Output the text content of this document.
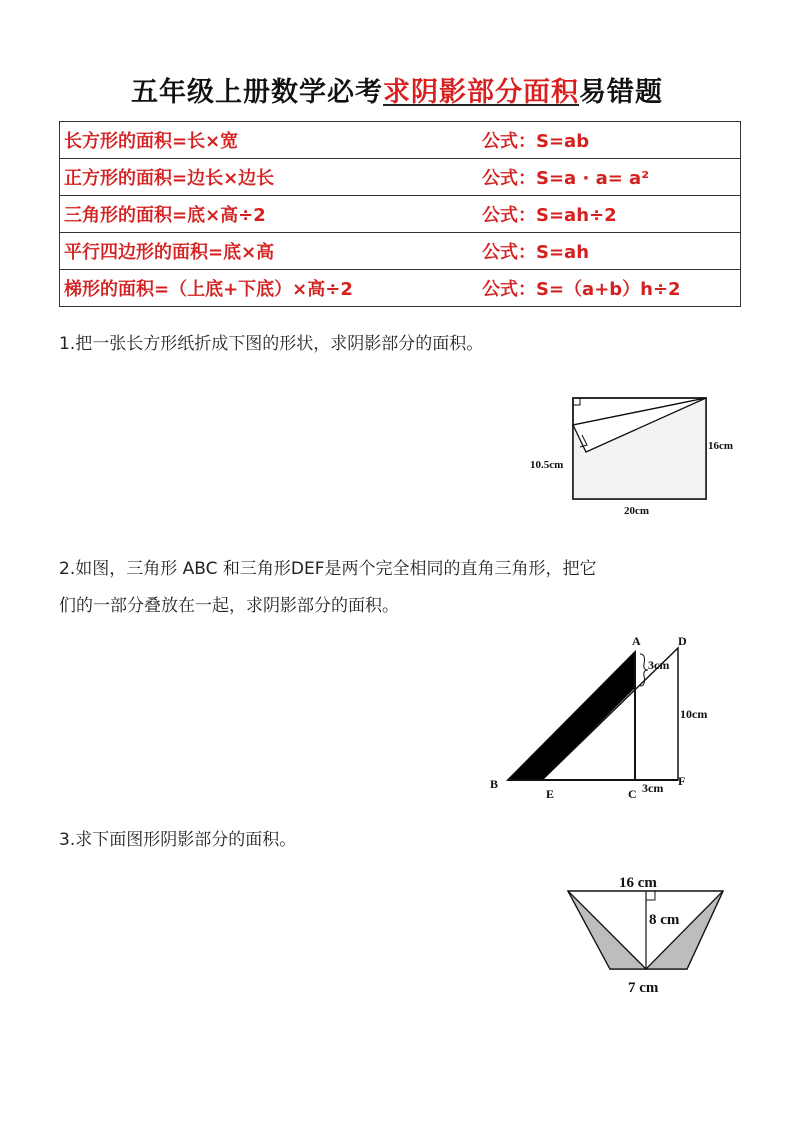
五年级上册数学必考求阴影部分面积易错题
长方形的面积=长×宽	公式：S=ab
正方形的面积=边长×边长	公式：S=a · a= a²
三角形的面积=底×高÷2	公式：S=ah÷2
平行四边形的面积=底×高	公式：S=ah
梯形的面积=（上底+下底）×高÷2	公式：S=（a+b）h÷2
1.把一张长方形纸折成下图的形状，求阴影部分的面积。
10.5cm
16cm
20cm
2.如图，三角形 ABC 和三角形DEF是两个完全相同的直角三角形，把它
们的一部分叠放在一起，求阴影部分的面积。
A	D
B
E	C
F
3cm
10cm
3cm
3.求下面图形阴影部分的面积。
16 cm
8 cm
7 cm
